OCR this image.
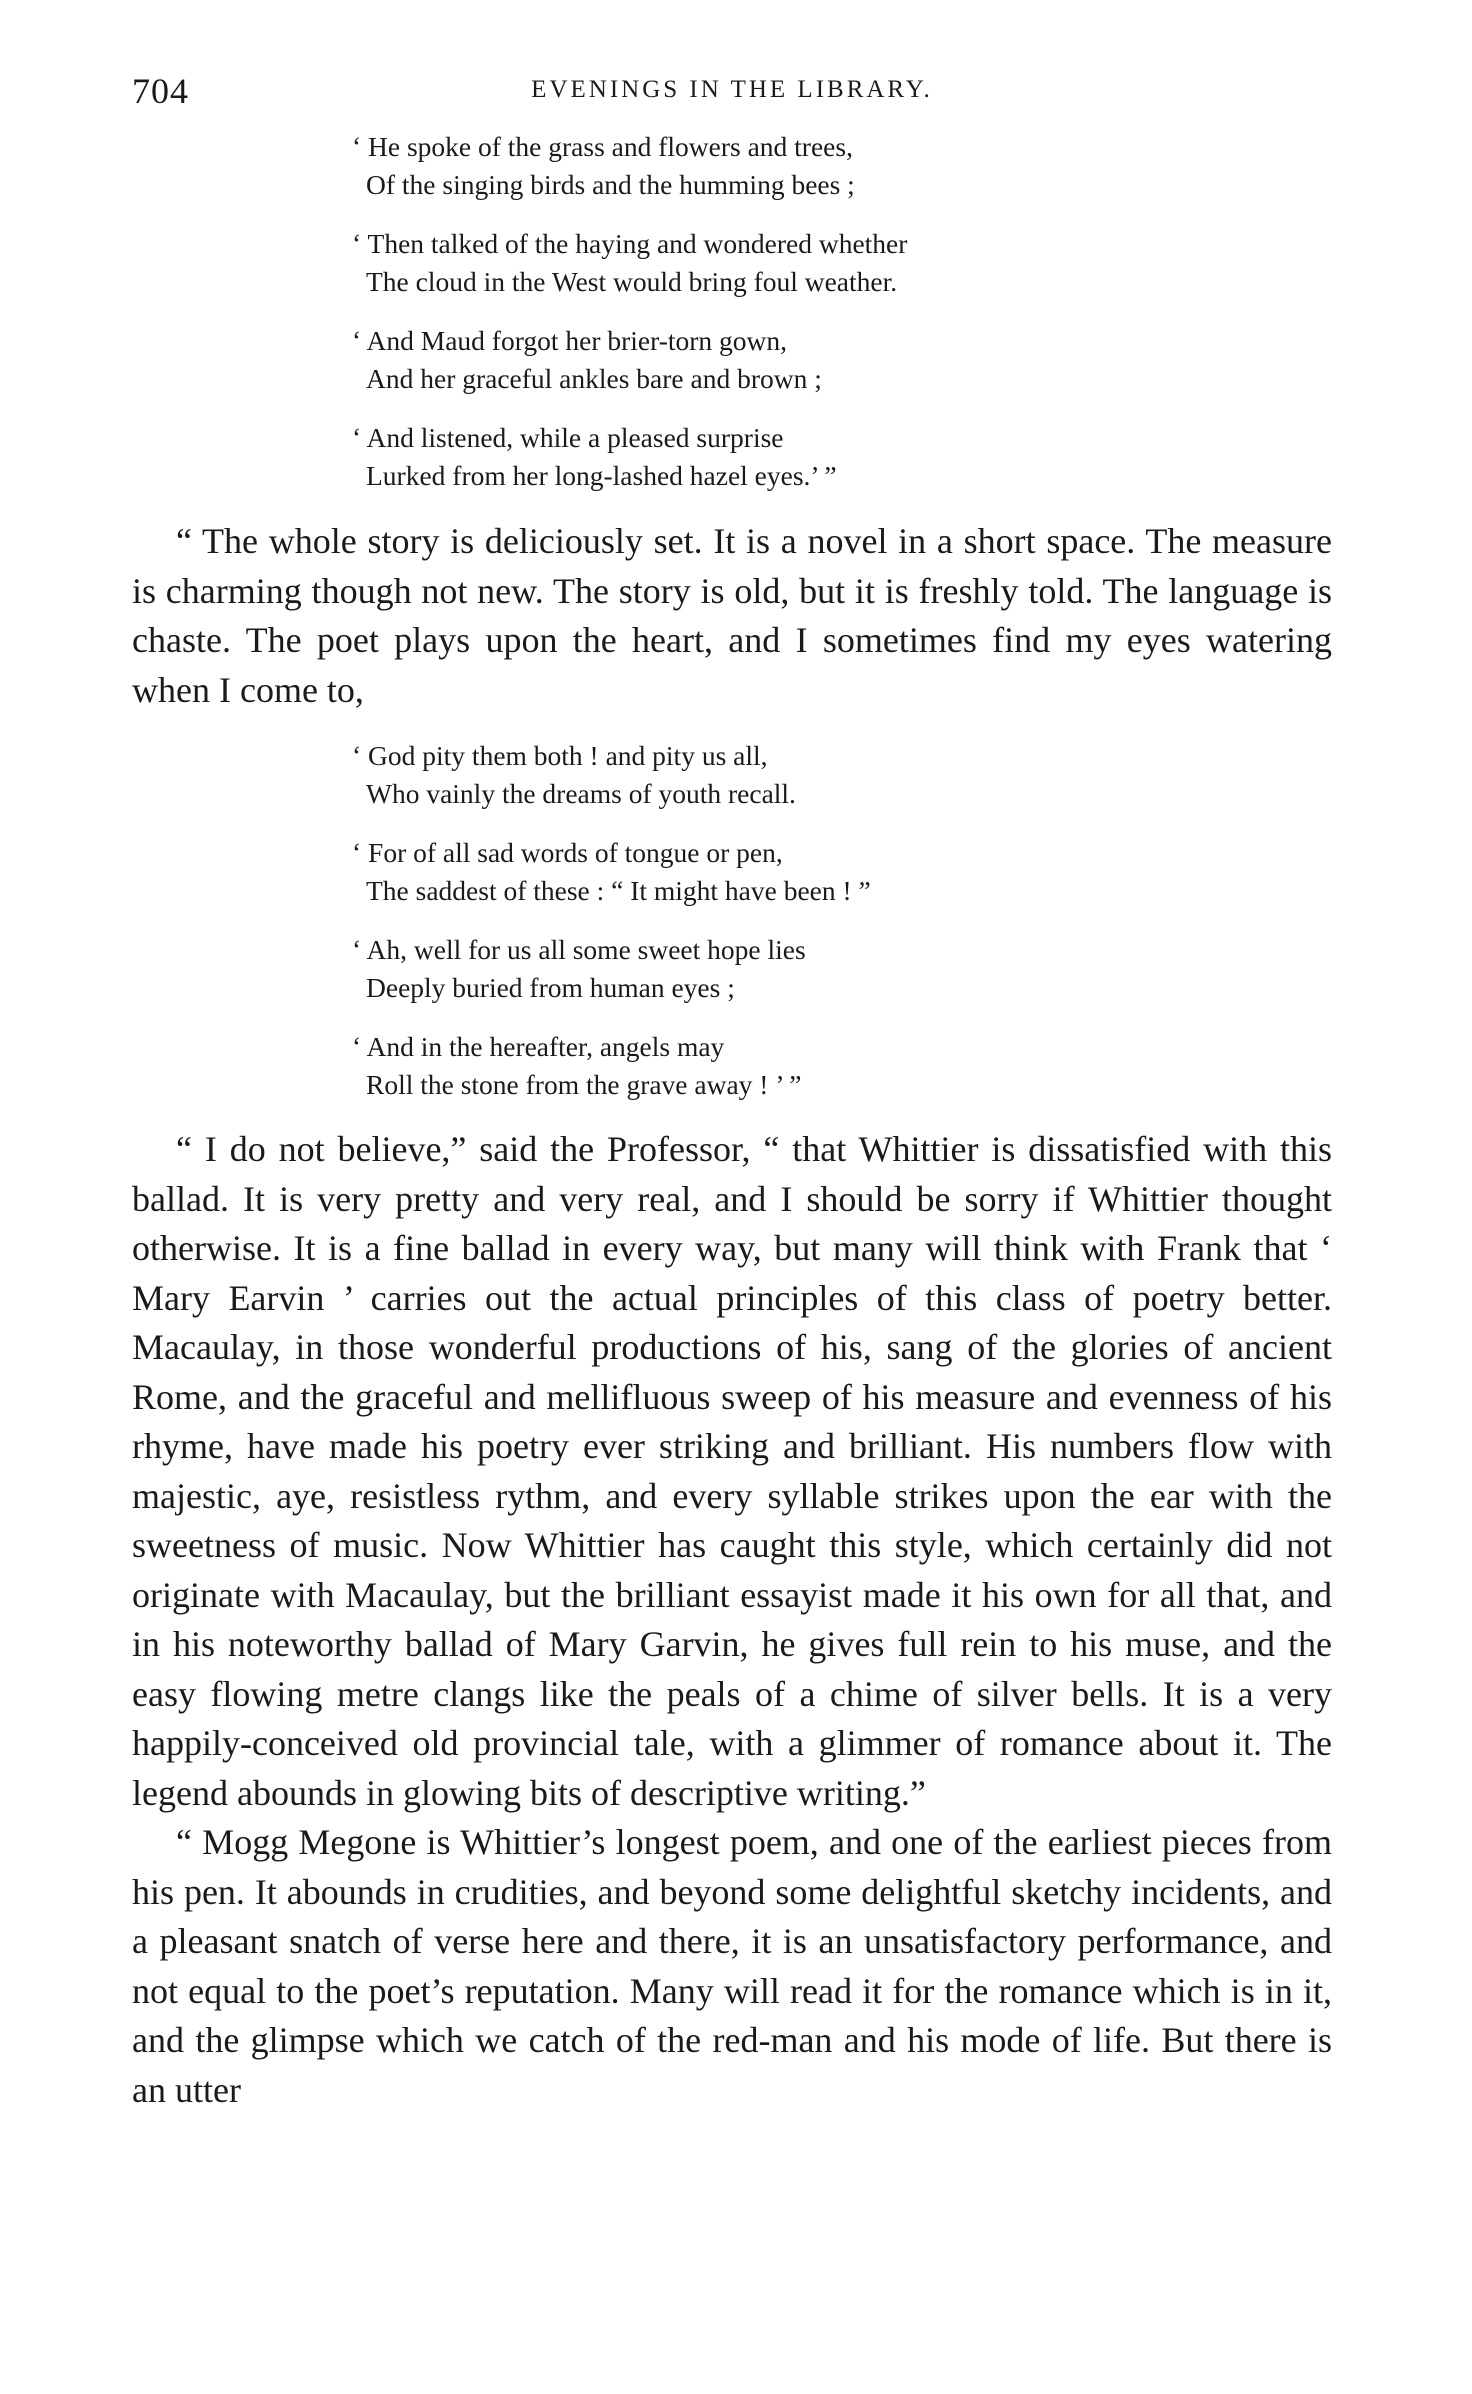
704	EVENINGS IN THE LIBRARY.
‘ He spoke of the grass and flowers and trees,
Of the singing birds and the humming bees ;
‘ Then talked of the haying and wondered whether
The cloud in the West would bring foul weather.
‘ And Maud forgot her brier-torn gown,
And her graceful ankles bare and brown ;
‘ And listened, while a pleased surprise
Lurked from her long-lashed hazel eyes.’ ”

“ The whole story is deliciously set. It is a novel in a short space. The measure is charming though not new. The story is old, but it is freshly told. The language is chaste. The poet plays upon the heart, and I sometimes find my eyes watering when I come to,

‘ God pity them both ! and pity us all,
Who vainly the dreams of youth recall.
‘ For of all sad words of tongue or pen,
The saddest of these : “ It might have been ! ”
‘ Ah, well for us all some sweet hope lies
Deeply buried from human eyes ;
‘ And in the hereafter, angels may
Roll the stone from the grave away ! ’ ”

“ I do not believe,” said the Professor, “ that Whittier is dissatisfied with this ballad. It is very pretty and very real, and I should be sorry if Whittier thought otherwise. It is a fine ballad in every way, but many will think with Frank that ‘ Mary Earvin ’ carries out the actual principles of this class of poetry better. Macaulay, in those wonderful productions of his, sang of the glories of ancient Rome, and the graceful and mellifluous sweep of his measure and evenness of his rhyme, have made his poetry ever striking and brilliant. His numbers flow with majestic, aye, resistless rythm, and every syllable strikes upon the ear with the sweetness of music. Now Whittier has caught this style, which certainly did not originate with Macaulay, but the brilliant essayist made it his own for all that, and in his noteworthy ballad of Mary Garvin, he gives full rein to his muse, and the easy flowing metre clangs like the peals of a chime of silver bells. It is a very happily-conceived old provincial tale, with a glimmer of romance about it. The legend abounds in glowing bits of descriptive writing.”

“ Mogg Megone is Whittier’s longest poem, and one of the earliest pieces from his pen. It abounds in crudities, and beyond some delightful sketchy incidents, and a pleasant snatch of verse here and there, it is an unsatisfactory performance, and not equal to the poet’s reputation. Many will read it for the romance which is in it, and the glimpse which we catch of the red-man and his mode of life. But there is an utter
